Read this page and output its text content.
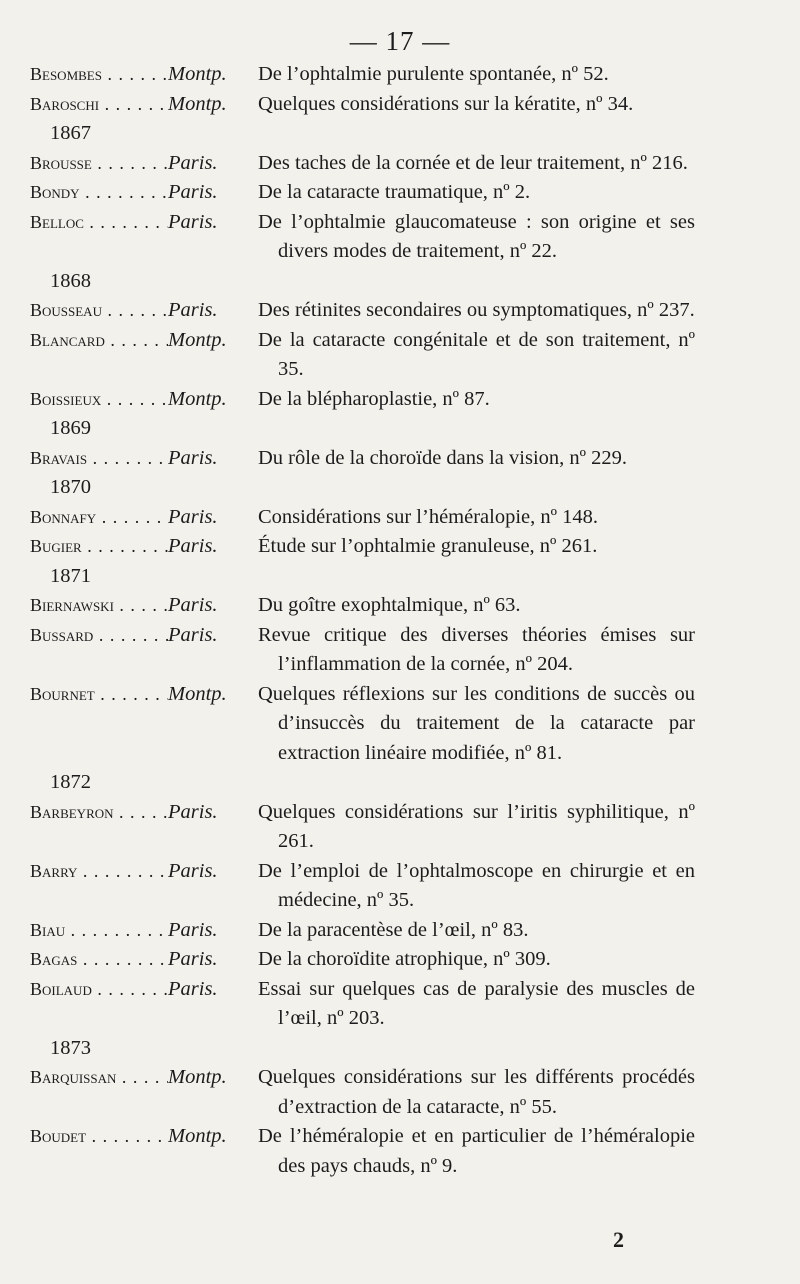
— 17 —
Besombes . . .	Montp.	De l’ophtalmie purulente spontanée, nº 52.
Baroschi . . .	Montp.	Quelques considérations sur la kératite, nº 34.
1867
Brousse . . .	Paris.	Des taches de la cornée et de leur traitement, nº 216.
Bondy . . .	Paris.	De la cataracte traumatique, nº 2.
Belloc . . .	Paris.	De l’ophtalmie glaucomateuse : son origine et ses divers modes de traitement, nº 22.
1868
Bousseau . . .	Paris.	Des rétinites secondaires ou symptomatiques, nº 237.
Blancard . . .	Montp.	De la cataracte congénitale et de son traitement, nº 35.
Boissieux . . .	Montp.	De la blépharoplastie, nº 87.
1869
Bravais . . .	Paris.	Du rôle de la choroïde dans la vision, nº 229.
1870
Bonnafy . . .	Paris.	Considérations sur l’héméralopie, nº 148.
Bugier . . .	Paris.	Étude sur l’ophtalmie granuleuse, nº 261.
1871
Biernawski . . .	Paris.	Du goître exophtalmique, nº 63.
Bussard . . .	Paris.	Revue critique des diverses théories émises sur l’inflammation de la cornée, nº 204.
Bournet . . .	Montp.	Quelques réflexions sur les conditions de succès ou d’insuccès du traitement de la cataracte par extraction linéaire modifiée, nº 81.
1872
Barbeyron . . .	Paris.	Quelques considérations sur l’iritis syphilitique, nº 261.
Barry . . .	Paris.	De l’emploi de l’ophtalmoscope en chirurgie et en médecine, nº 35.
Biau . . .	Paris.	De la paracentèse de l’œil, nº 83.
Bagas . . .	Paris.	De la choroïdite atrophique, nº 309.
Boilaud . . .	Paris.	Essai sur quelques cas de paralysie des muscles de l’œil, nº 203.
1873
Barquissan . . .	Montp.	Quelques considérations sur les différents procédés d’extraction de la cataracte, nº 55.
Boudet . . .	Montp.	De l’héméralopie et en particulier de l’héméralopie des pays chauds, nº 9.
2
